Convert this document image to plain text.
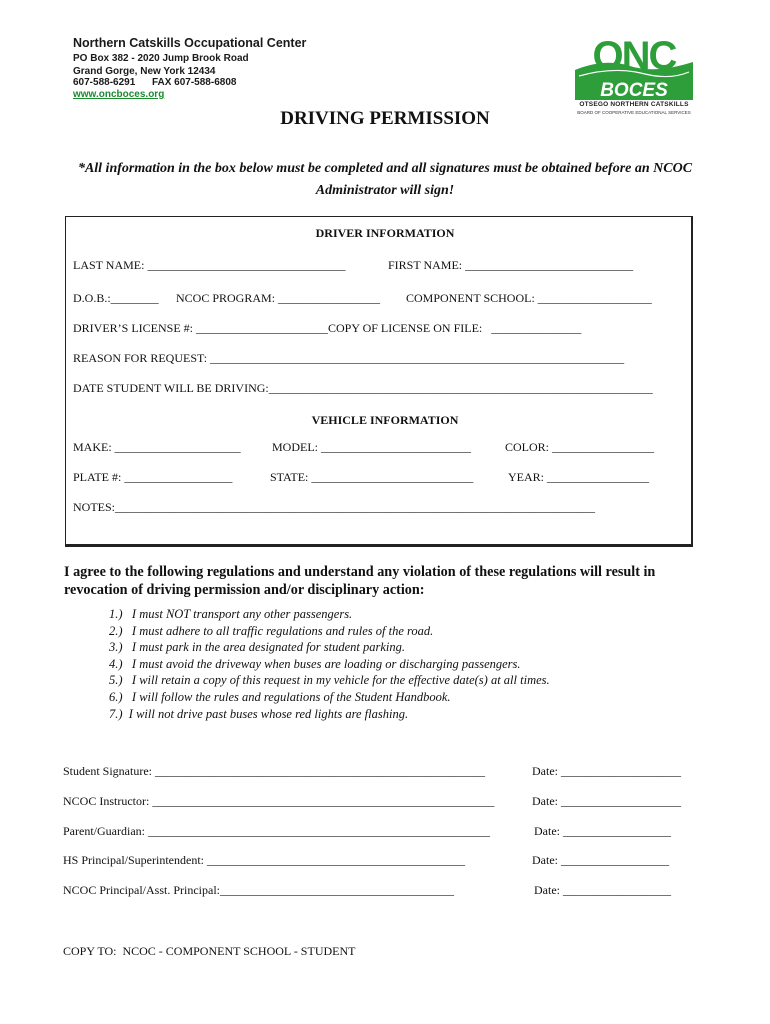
Northern Catskills Occupational Center
PO Box 382 - 2020 Jump Brook Road
Grand Gorge, New York 12434
607-588-6291      FAX 607-588-6808
www.oncboces.org
ONC
BOCES
OTSEGO NORTHERN CATSKILLS
BOARD OF COOPERATIVE EDUCATIONAL SERVICES
DRIVING PERMISSION
*All information in the box below must be completed and all signatures must be obtained before an NCOC Administrator will sign!
DRIVER INFORMATION
LAST NAME: _________________________________	FIRST NAME: ____________________________
D.O.B.:________ NCOC PROGRAM: _________________ COMPONENT SCHOOL: ___________________
DRIVER’S LICENSE #: ______________________COPY OF LICENSE ON FILE:   _______________
REASON FOR REQUEST: _____________________________________________________________________
DATE STUDENT WILL BE DRIVING:________________________________________________________________
VEHICLE INFORMATION
MAKE: _____________________	MODEL: _________________________	COLOR: _________________
PLATE #: __________________	STATE: ___________________________	YEAR: _________________
NOTES:________________________________________________________________________________
I agree to the following regulations and understand any violation of these regulations will result in revocation of driving permission and/or disciplinary action:
1.)   I must NOT transport any other passengers.
2.)   I must adhere to all traffic regulations and rules of the road.
3.)   I must park in the area designated for student parking.
4.)   I must avoid the driveway when buses are loading or discharging passengers.
5.)   I will retain a copy of this request in my vehicle for the effective date(s) at all times.
6.)   I will follow the rules and regulations of the Student Handbook.
7.)  I will not drive past buses whose red lights are flashing.
Student Signature: _______________________________________________________	Date: ____________________
NCOC Instructor: _________________________________________________________	Date: ____________________
Parent/Guardian: _________________________________________________________	Date: __________________
HS Principal/Superintendent: ___________________________________________	Date: __________________
NCOC Principal/Asst. Principal:_______________________________________	Date: __________________
COPY TO:  NCOC - COMPONENT SCHOOL - STUDENT
